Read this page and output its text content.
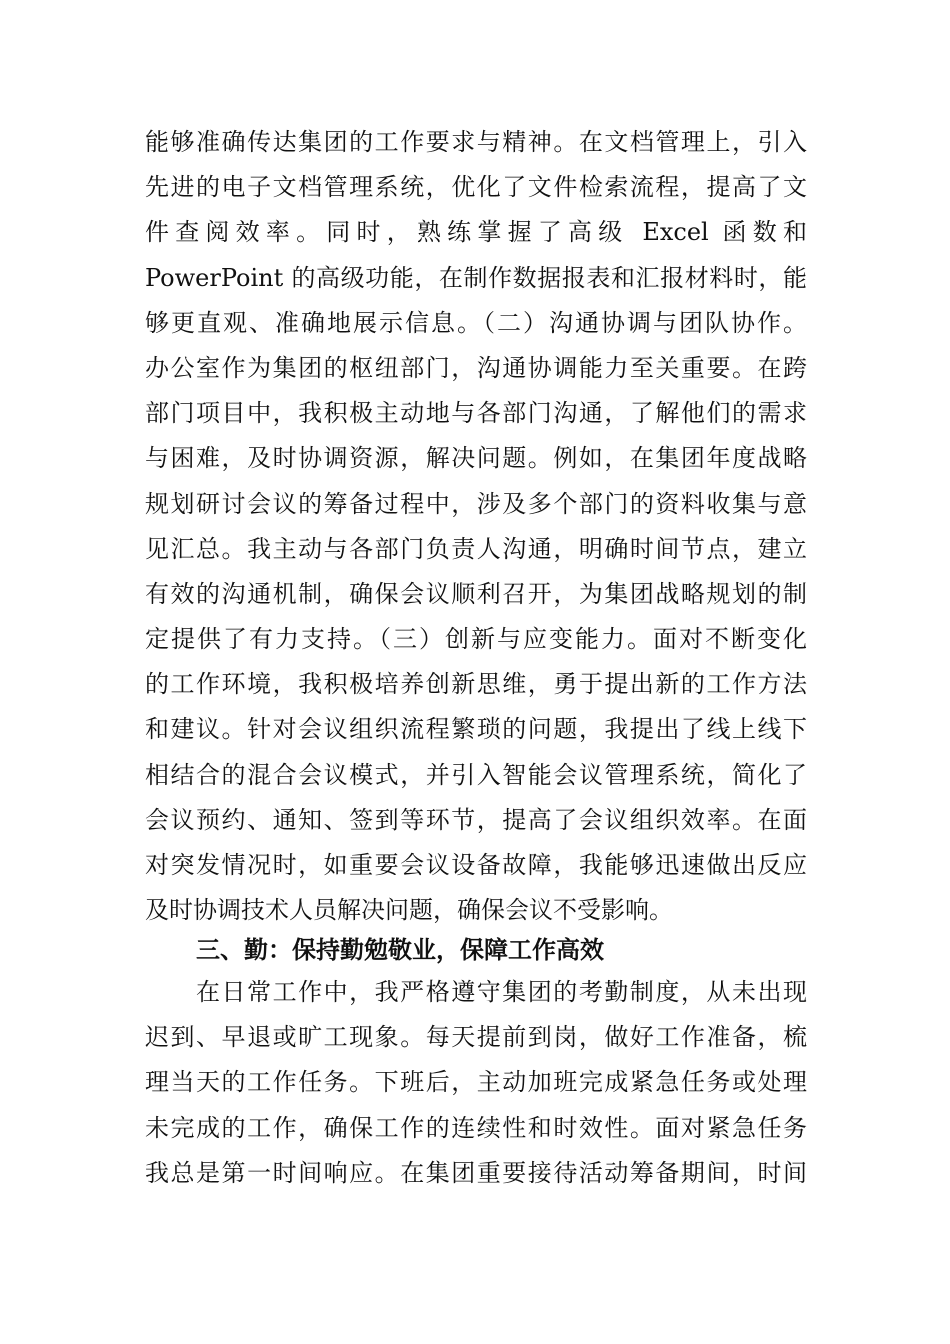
能够准确传达集团的工作要求与精神。在文档管理上，引入
先进的电子文档管理系统，优化了文件检索流程，提高了文
件查阅效率。同时，熟练掌握了高级 Excel 函数和
PowerPoint 的高级功能，在制作数据报表和汇报材料时，能
够更直观、准确地展示信息。（二）沟通协调与团队协作。
办公室作为集团的枢纽部门，沟通协调能力至关重要。在跨
部门项目中，我积极主动地与各部门沟通，了解他们的需求
与困难，及时协调资源，解决问题。例如，在集团年度战略
规划研讨会议的筹备过程中，涉及多个部门的资料收集与意
见汇总。我主动与各部门负责人沟通，明确时间节点，建立
有效的沟通机制，确保会议顺利召开，为集团战略规划的制
定提供了有力支持。（三）创新与应变能力。面对不断变化
的工作环境，我积极培养创新思维，勇于提出新的工作方法
和建议。针对会议组织流程繁琐的问题，我提出了线上线下
相结合的混合会议模式，并引入智能会议管理系统，简化了
会议预约、通知、签到等环节，提高了会议组织效率。在面
对突发情况时，如重要会议设备故障，我能够迅速做出反应
及时协调技术人员解决问题，确保会议不受影响。
三、勤：保持勤勉敬业，保障工作高效
在日常工作中，我严格遵守集团的考勤制度，从未出现
迟到、早退或旷工现象。每天提前到岗，做好工作准备，梳
理当天的工作任务。下班后，主动加班完成紧急任务或处理
未完成的工作，确保工作的连续性和时效性。面对紧急任务
我总是第一时间响应。在集团重要接待活动筹备期间，时间
